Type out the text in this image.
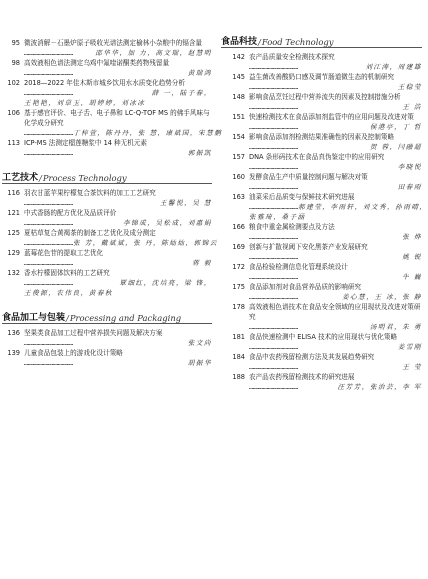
95 微波消解－石墨炉原子吸收光谱法测定榆林小杂粮中的镉含量
…………………………………	邵华华，加 力，高文瑞，赵慧明
98 高效液相色谱法测定乌鸡中氟喹诺酮类药物残留量
…………………………………	黄瑞鸿
102 2018—2022 年佳木斯市城乡饮用水水质变化趋势分析
…………………………………	薛 一，陆子春，
王艳艳，刘草玉，胡婷婷，刘冰冰
106 基于感官评价、电子舌、电子鼻和 LC-Q-TOF MS 的佛手风味与化学成分研究
………………………………… 丁梓萱，陈丹丹，张 慧，康斌国，宋慧鹏
113 ICP-MS 法测定榴莲糖浆中 14 种无机元素
…………………………………	郭振凯
工艺技术 / Process Technology
116 羽衣甘蓝苹果柠檬复合茶饮料的加工工艺研究
…………………………………	王馨悦，吴 慧
121 中式香肠的配方优化及品质评价
…………………………………	李锦成，吴松成，刘惠娟
125 夏枯草复合黄褐茶的制备工艺优化及成分测定
………………………………… 张 芳，戴斌斌，张 丹，陈灿灿，郭锦云
129 蓝莓花色苷的提取工艺优化
…………………………………	蒋 毅
132 香水柠檬固体饮料的工艺研究
…………………………………	覃细红，沈培亮，梁 锋，
王俊源，农伟良，黄春秋
食品加工与包装 / Processing and Packaging
136 坚果类食品加工过程中营养损失问题及解决方案
…………………………………	张文尚
139 儿童食品包装上的游戏化设计策略
…………………………………	胡振华
食品科技 / Food Technology
142 农产品质量安全检测技术探究
…………………………………	刘江涛，周建雄
145 益生菌改善酸奶口感及调节肠道微生态的机制研究
…………………………………	王稳莹
148 影响食品烹饪过程中营养流失的因素及控制措施分析
…………………………………	王 浩
151 快速检测技术在食品添加剂监管中的应用问题及改进对策
…………………………………	侯港亭，丁 哲
154 影响食品添加剂检测结果准确性的因素及控制策略
…………………………………	贺 蓉，闫融超
157 DNA 条形码技术在食品真伪鉴定中的应用研究
…………………………………	李晓悦
160 发酵食品生产中质量控制问题与解决对策
…………………………………	田春雨
163 油菜采后品质变与保鲜技术研究进展
………………………………… 郝建莹，李雨轩，刘文秀，孙雨晴，
张雅琦，桑子涵
166 粮食中重金属检测要点及方法
…………………………………	张 烨
169 创新与扩散视阈下安化黑茶产业发展研究
…………………………………	姚 锐
172 食品检验检测信息化管理系统设计
…………………………………	牛 巍
175 食品添加剂对食品营养品质的影响研究
…………………………………	姜心慧，王 冰，张 静
178 高效液相色谱技术在食品安全领域的应用现状及改进对策研究
…………………………………	汤明君，朱 勇
181 食品快速检测中 ELISA 技术的应用现状与优化策略
…………………………………	姜雪刚
184 食品中农药残留检测方法及其发展趋势研究
…………………………………	王 莹
188 农产品农药残留检测技术的研究进展
…………………………………	汪芳芳，张治芸，李 军
